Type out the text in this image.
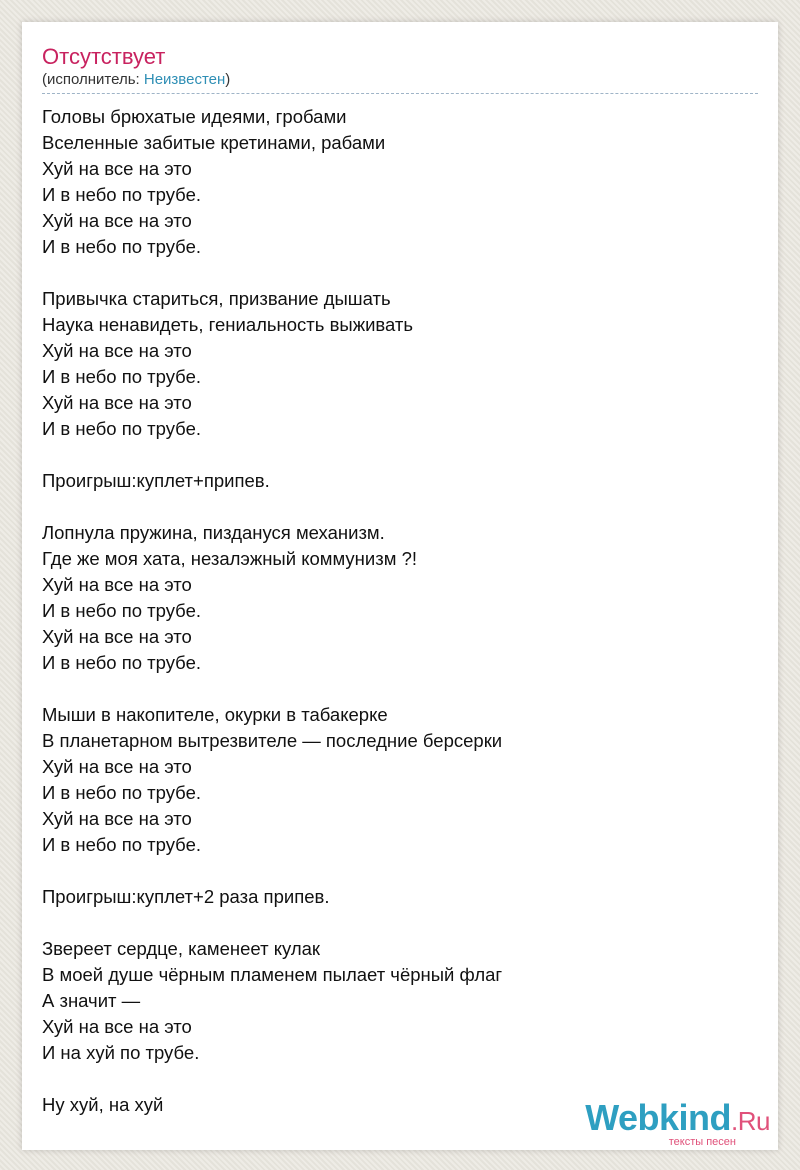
Отсутствует
(исполнитель: Неизвестен)
Головы брюхатые идеями, гробами
Вселенные забитые кретинами, рабами
Хуй на все на это
И в небо по трубе.
Хуй на все на это
И в небо по трубе.
Привычка стариться, призвание дышать
Наука ненавидеть, гениальность выживать
Хуй на все на это
И в небо по трубе.
Хуй на все на это
И в небо по трубе.
Проигрыш:куплет+припев.
Лопнула пружина, пиздануся механизм.
Где же моя хата, незалэжный коммунизм ?!
Хуй на все на это
И в небо по трубе.
Хуй на все на это
И в небо по трубе.
Мыши в накопителе, окурки в табакерке
В планетарном вытрезвителе — последние берсерки
Хуй на все на это
И в небо по трубе.
Хуй на все на это
И в небо по трубе.
Проигрыш:куплет+2 раза припев.
Звереет сердце, каменеет кулак
В моей душе чёрным пламенем пылает чёрный флаг
А значит —
Хуй на все на это
И на хуй по трубе.
Ну хуй, на хуй	Webkind.Ru
тексты песен
